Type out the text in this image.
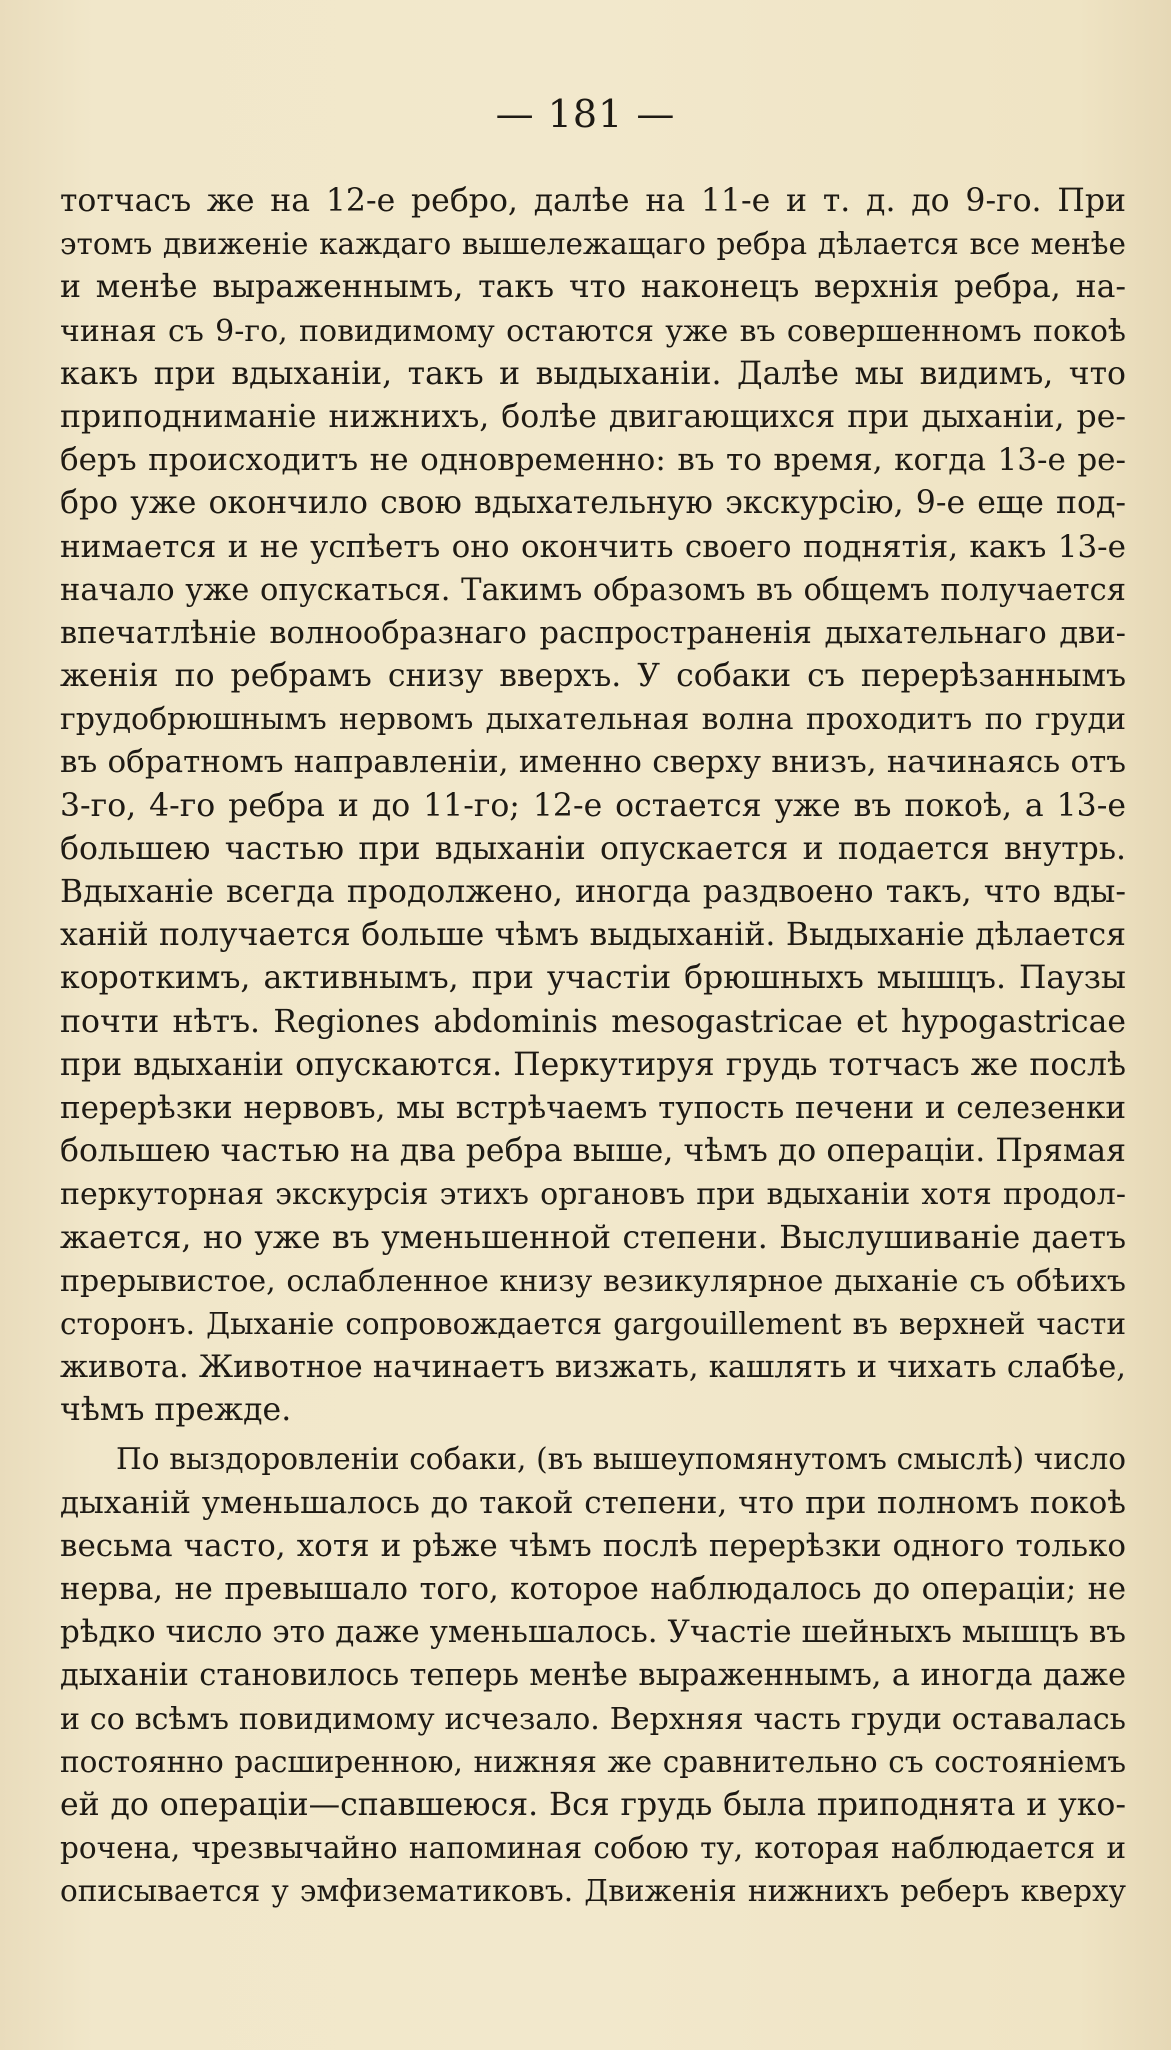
— 181 —
тотчасъ же на 12-е ребро, далѣе на 11-е и т. д. до 9-го. При
этомъ движеніе каждаго вышележащаго ребра дѣлается все менѣе
и менѣе выраженнымъ, такъ что наконецъ верхнія ребра, на-
чиная съ 9-го, повидимому остаются уже въ совершенномъ покоѣ
какъ при вдыханіи, такъ и выдыханіи. Далѣе мы видимъ, что
приподниманіе нижнихъ, болѣе двигающихся при дыханіи, ре-
беръ происходитъ не одновременно: въ то время, когда 13-е ре-
бро уже окончило свою вдыхательную экскурсію, 9-е еще под-
нимается и не успѣетъ оно окончить своего поднятія, какъ 13-е
начало уже опускаться. Такимъ образомъ въ общемъ получается
впечатлѣніе волнообразнаго распространенія дыхательнаго дви-
женія по ребрамъ снизу вверхъ. У собаки съ перерѣзаннымъ
грудобрюшнымъ нервомъ дыхательная волна проходитъ по груди
въ обратномъ направленіи, именно сверху внизъ, начинаясь отъ
3-го, 4-го ребра и до 11-го; 12-е остается уже въ покоѣ, а 13-е
большею частью при вдыханіи опускается и подается внутрь.
Вдыханіе всегда продолжено, иногда раздвоено такъ, что вды-
ханій получается больше чѣмъ выдыханій. Выдыханіе дѣлается
короткимъ, активнымъ, при участіи брюшныхъ мышцъ. Паузы
почти нѣтъ. Regiones abdominis mesogastricae et hypogastricae
при вдыханіи опускаются. Перкутируя грудь тотчасъ же послѣ
перерѣзки нервовъ, мы встрѣчаемъ тупость печени и селезенки
большею частью на два ребра выше, чѣмъ до операціи. Прямая
перкуторная экскурсія этихъ органовъ при вдыханіи хотя продол-
жается, но уже въ уменьшенной степени. Выслушиваніе даетъ
прерывистое, ослабленное книзу везикулярное дыханіе съ обѣихъ
сторонъ. Дыханіе сопровождается gargouillement въ верхней части
живота. Животное начинаетъ визжать, кашлять и чихать слабѣе,
чѣмъ прежде.
По выздоровленіи собаки, (въ вышеупомянутомъ смыслѣ) число
дыханій уменьшалось до такой степени, что при полномъ покоѣ
весьма часто, хотя и рѣже чѣмъ послѣ перерѣзки одного только
нерва, не превышало того, которое наблюдалось до операціи; не
рѣдко число это даже уменьшалось. Участіе шейныхъ мышцъ въ
дыханіи становилось теперь менѣе выраженнымъ, а иногда даже
и со всѣмъ повидимому исчезало. Верхняя часть груди оставалась
постоянно расширенною, нижняя же сравнительно съ состояніемъ
ей до операціи—спавшеюся. Вся грудь была приподнята и уко-
рочена, чрезвычайно напоминая собою ту, которая наблюдается и
описывается у эмфизематиковъ. Движенія нижнихъ реберъ кверху
